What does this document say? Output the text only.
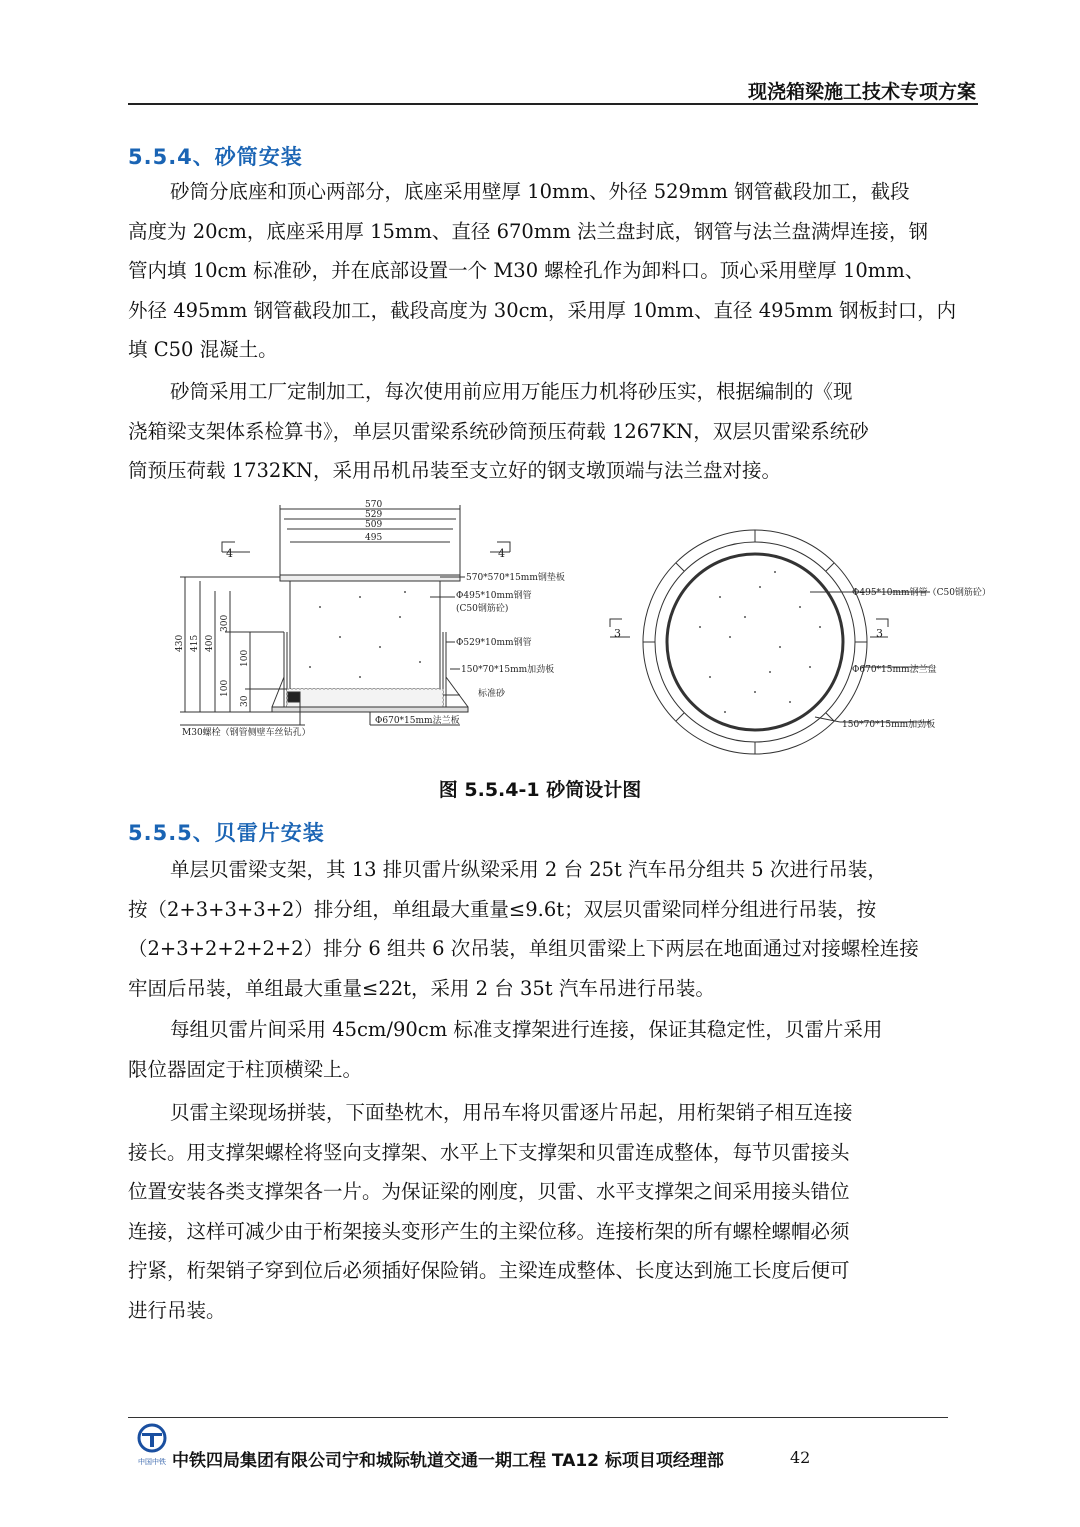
现浇箱梁施工技术专项方案
5.5.4、砂筒安装
砂筒分底座和顶心两部分，底座采用壁厚 10mm、外径 529mm 钢管截段加工，截段
高度为 20cm，底座采用厚 15mm、直径 670mm 法兰盘封底，钢管与法兰盘满焊连接，钢
管内填 10cm 标准砂，并在底部设置一个 M30 螺栓孔作为卸料口。顶心采用壁厚 10mm、
外径 495mm 钢管截段加工，截段高度为 30cm，采用厚 10mm、直径 495mm 钢板封口，内
填 C50 混凝土。
砂筒采用工厂定制加工，每次使用前应用万能压力机将砂压实，根据编制的《现
浇箱梁支架体系检算书》，单层贝雷梁系统砂筒预压荷载 1267KN，双层贝雷梁系统砂
筒预压荷载 1732KN，采用吊机吊装至支立好的钢支墩顶端与法兰盘对接。
570
529
509
495
4	4
430 415 400
300
100
100
30
570*570*15mm钢垫板
Φ495*10mm钢管
(C50钢筋砼)
Φ529*10mm钢管
150*70*15mm加劲板
标准砂
Φ670*15mm法兰板
M30螺栓（钢管侧壁车丝钻孔）
3	3
Φ495*10mm钢管（C50钢筋砼）
Φ670*15mm法兰盘
150*70*15mm加劲板
图 5.5.4-1 砂筒设计图
5.5.5、贝雷片安装
单层贝雷梁支架，其 13 排贝雷片纵梁采用 2 台 25t 汽车吊分组共 5 次进行吊装，
按（2+3+3+3+2）排分组，单组最大重量≤9.6t；双层贝雷梁同样分组进行吊装，按
（2+3+2+2+2+2）排分 6 组共 6 次吊装，单组贝雷梁上下两层在地面通过对接螺栓连接
牢固后吊装，单组最大重量≤22t，采用 2 台 35t 汽车吊进行吊装。
每组贝雷片间采用 45cm/90cm 标准支撑架进行连接，保证其稳定性，贝雷片采用
限位器固定于柱顶横梁上。
贝雷主梁现场拼装，下面垫枕木，用吊车将贝雷逐片吊起，用桁架销子相互连接
接长。用支撑架螺栓将竖向支撑架、水平上下支撑架和贝雷连成整体，每节贝雷接头
位置安装各类支撑架各一片。为保证梁的刚度，贝雷、水平支撑架之间采用接头错位
连接，这样可减少由于桁架接头变形产生的主梁位移。连接桁架的所有螺栓螺帽必须
拧紧，桁架销子穿到位后必须插好保险销。主梁连成整体、长度达到施工长度后便可
进行吊装。
中国中铁 中铁四局集团有限公司宁和城际轨道交通一期工程 TA12 标项目项经理部	42
